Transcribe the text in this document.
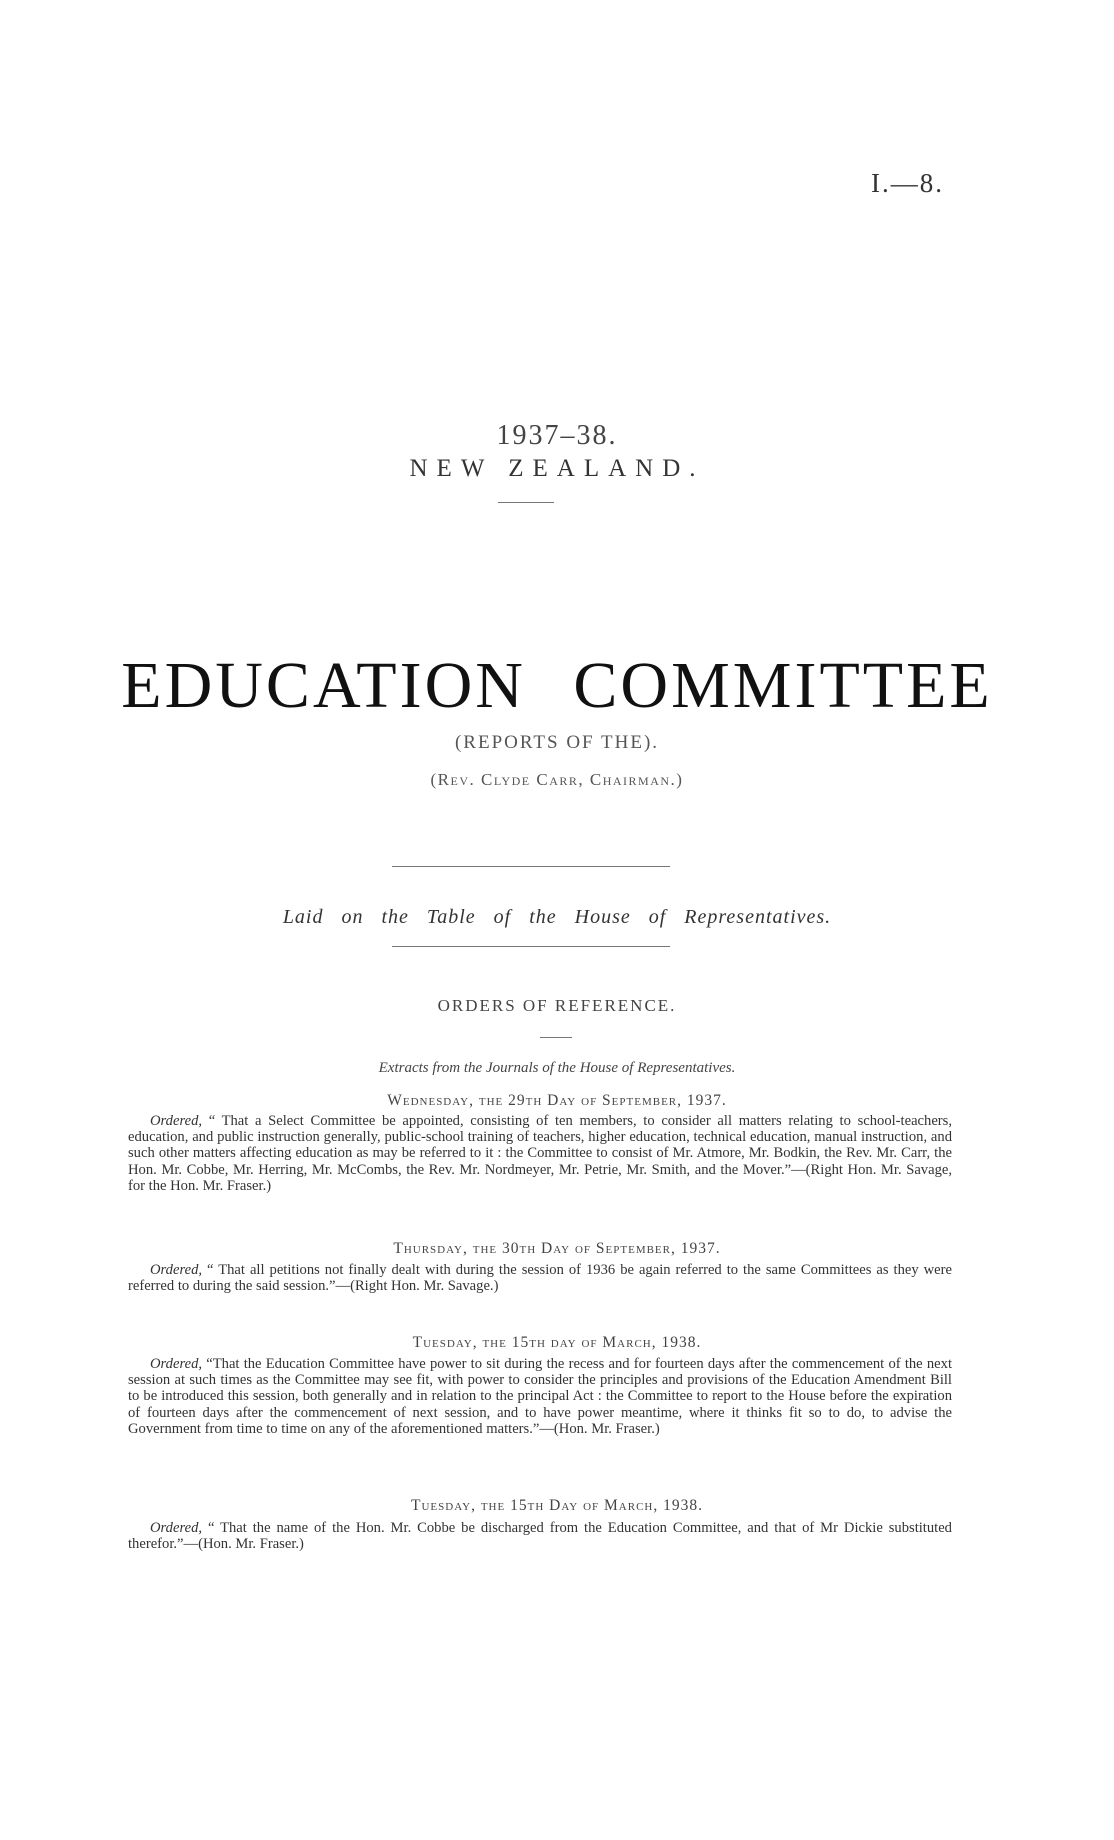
I.—8.
1937–38.
NEW ZEALAND.
EDUCATION COMMITTEE
(REPORTS OF THE).
(Rev. Clyde Carr, Chairman.)
Laid on the Table of the House of Representatives.
ORDERS OF REFERENCE.
Extracts from the Journals of the House of Representatives.
Wednesday, the 29th Day of September, 1937.
Ordered, “ That a Select Committee be appointed, consisting of ten members, to consider all matters relating to school-teachers, education, and public instruction generally, public-school training of teachers, higher education, technical education, manual instruction, and such other matters affecting education as may be referred to it : the Committee to consist of Mr. Atmore, Mr. Bodkin, the Rev. Mr. Carr, the Hon. Mr. Cobbe, Mr. Herring, Mr. McCombs, the Rev. Mr. Nordmeyer, Mr. Petrie, Mr. Smith, and the Mover.”—(Right Hon. Mr. Savage, for the Hon. Mr. Fraser.)
Thursday, the 30th Day of September, 1937.
Ordered, “ That all petitions not finally dealt with during the session of 1936 be again referred to the same Committees as they were referred to during the said session.”—(Right Hon. Mr. Savage.)
Tuesday, the 15th day of March, 1938.
Ordered, “That the Education Committee have power to sit during the recess and for fourteen days after the commencement of the next session at such times as the Committee may see fit, with power to consider the principles and provisions of the Education Amendment Bill to be introduced this session, both generally and in relation to the principal Act : the Committee to report to the House before the expiration of fourteen days after the commencement of next session, and to have power meantime, where it thinks fit so to do, to advise the Government from time to time on any of the aforementioned matters.”—(Hon. Mr. Fraser.)
Tuesday, the 15th Day of March, 1938.
Ordered, “ That the name of the Hon. Mr. Cobbe be discharged from the Education Committee, and that of Mr Dickie substituted therefor.”—(Hon. Mr. Fraser.)
